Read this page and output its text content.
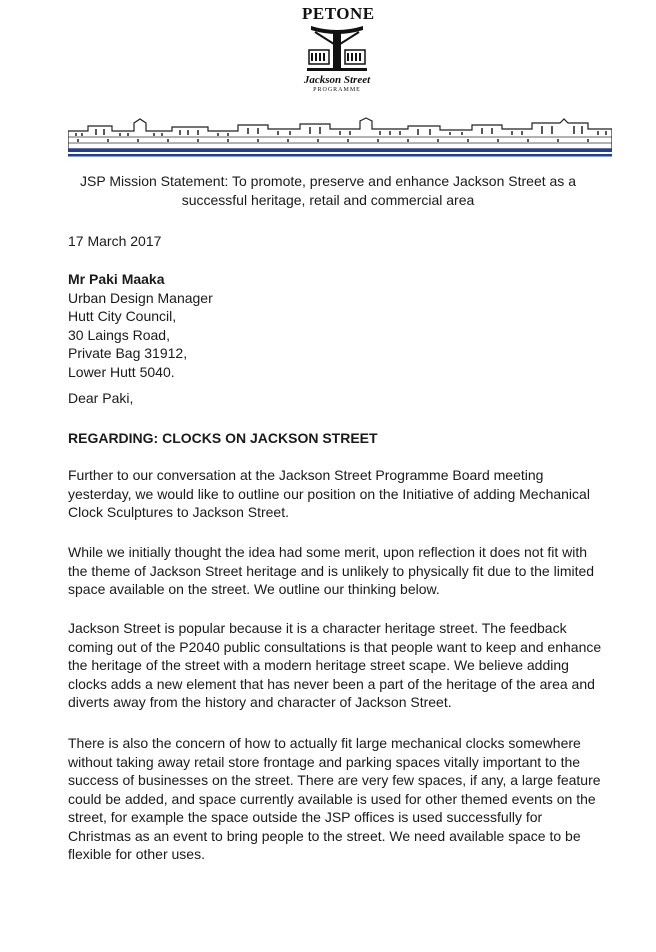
PETONE
Jackson Street
PROGRAMME
JSP Mission Statement: To promote, preserve and enhance Jackson Street as a successful heritage, retail and commercial area
17 March 2017
Mr Paki Maaka
Urban Design Manager
Hutt City Council,
30 Laings Road,
Private Bag 31912,
Lower Hutt 5040.
Dear Paki,
REGARDING: CLOCKS ON JACKSON STREET
Further to our conversation at the Jackson Street Programme Board meeting yesterday, we would like to outline our position on the Initiative of adding Mechanical Clock Sculptures to Jackson Street.
While we initially thought the idea had some merit, upon reflection it does not fit with the theme of Jackson Street heritage and is unlikely to physically fit due to the limited space available on the street. We outline our thinking below.
Jackson Street is popular because it is a character heritage street. The feedback coming out of the P2040 public consultations is that people want to keep and enhance the heritage of the street with a modern heritage street scape. We believe adding clocks adds a new element that has never been a part of the heritage of the area and diverts away from the history and character of Jackson Street.
There is also the concern of how to actually fit large mechanical clocks somewhere without taking away retail store frontage and parking spaces vitally important to the success of businesses on the street. There are very few spaces, if any, a large feature could be added, and space currently available is used for other themed events on the street, for example the space outside the JSP offices is used successfully for Christmas as an event to bring people to the street. We need available space to be flexible for other uses.
